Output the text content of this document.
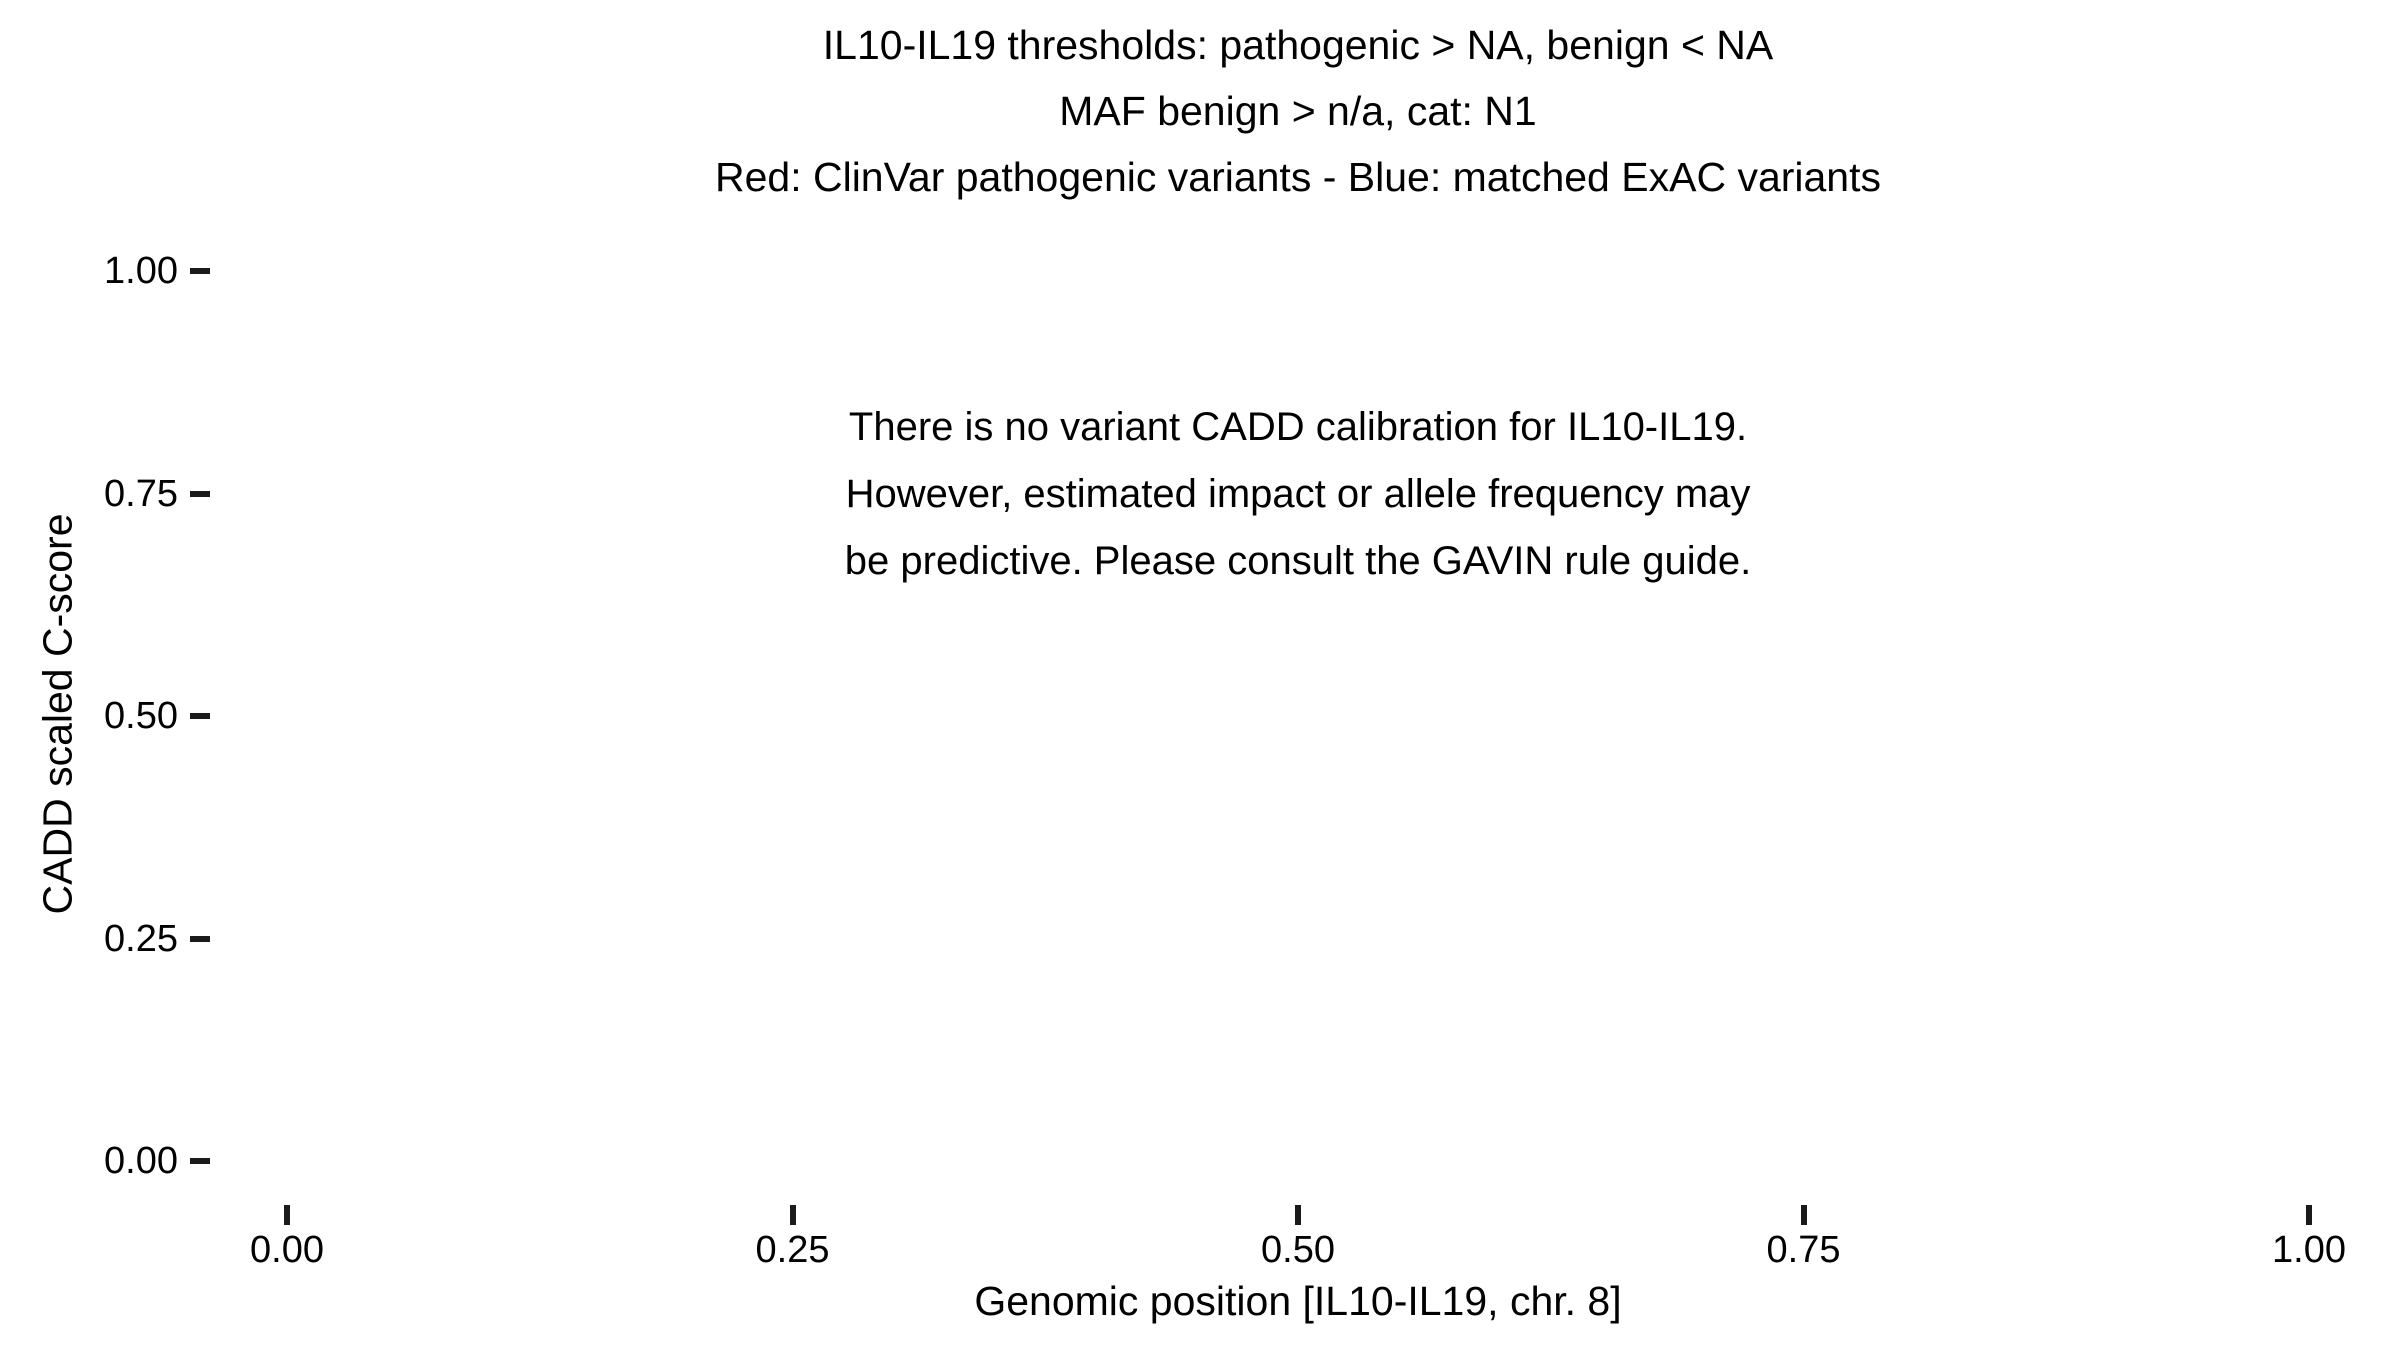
IL10-IL19 thresholds: pathogenic > NA, benign < NA
MAF benign > n/a, cat: N1
Red: ClinVar pathogenic variants - Blue: matched ExAC variants
There is no variant CADD calibration for IL10-IL19.
However, estimated impact or allele frequency may
be predictive. Please consult the GAVIN rule guide.
CADD scaled C-score
Genomic position [IL10-IL19, chr. 8]
0.00
0.25
0.50
0.75
1.00
0.00	0.25	0.50	0.75	1.00
